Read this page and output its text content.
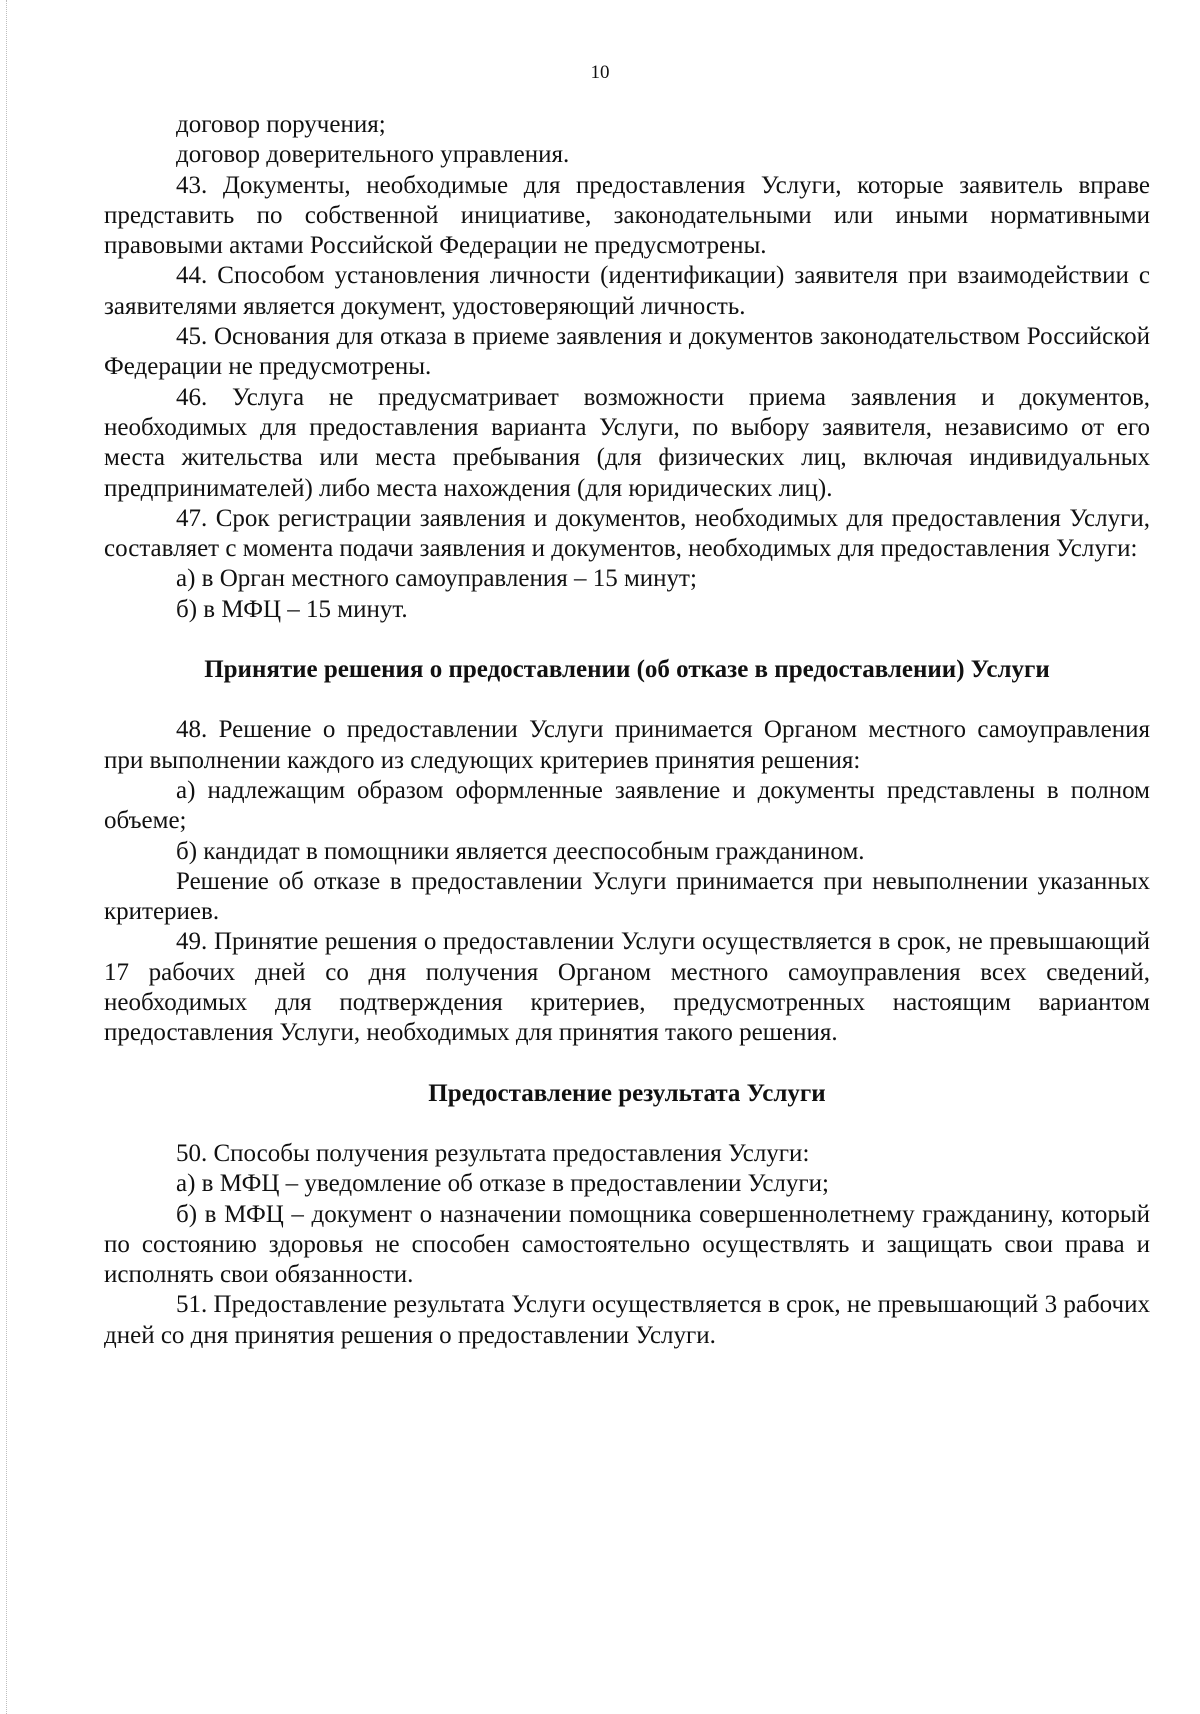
10

договор поручения;

договор доверительного управления.

43. Документы, необходимые для предоставления Услуги, которые заявитель вправе представить по собственной инициативе, законодательными или иными нормативными правовыми актами Российской Федерации не предусмотрены.

44. Способом установления личности (идентификации) заявителя при взаимодействии с заявителями является документ, удостоверяющий личность.

45. Основания для отказа в приеме заявления и документов законодательством Российской Федерации не предусмотрены.

46. Услуга не предусматривает возможности приема заявления и документов, необходимых для предоставления варианта Услуги, по выбору заявителя, независимо от его места жительства или места пребывания (для физических лиц, включая индивидуальных предпринимателей) либо места нахождения (для юридических лиц).

47. Срок регистрации заявления и документов, необходимых для предоставления Услуги, составляет с момента подачи заявления и документов, необходимых для предоставления Услуги:

а) в Орган местного самоуправления – 15 минут;

б) в МФЦ – 15 минут.

Принятие решения о предоставлении (об отказе в предоставлении) Услуги

48. Решение о предоставлении Услуги принимается Органом местного самоуправления при выполнении каждого из следующих критериев принятия решения:

а) надлежащим образом оформленные заявление и документы представлены в полном объеме;

б) кандидат в помощники является дееспособным гражданином.

Решение об отказе в предоставлении Услуги принимается при невыполнении указанных критериев.

49. Принятие решения о предоставлении Услуги осуществляется в срок, не превышающий 17 рабочих дней со дня получения Органом местного самоуправления всех сведений, необходимых для подтверждения критериев, предусмотренных настоящим вариантом предоставления Услуги, необходимых для принятия такого решения.

Предоставление результата Услуги

50. Способы получения результата предоставления Услуги:

а) в МФЦ – уведомление об отказе в предоставлении Услуги;

б) в МФЦ – документ о назначении помощника совершеннолетнему гражданину, который по состоянию здоровья не способен самостоятельно осуществлять и защищать свои права и исполнять свои обязанности.

51. Предоставление результата Услуги осуществляется в срок, не превышающий 3 рабочих дней со дня принятия решения о предоставлении Услуги.
